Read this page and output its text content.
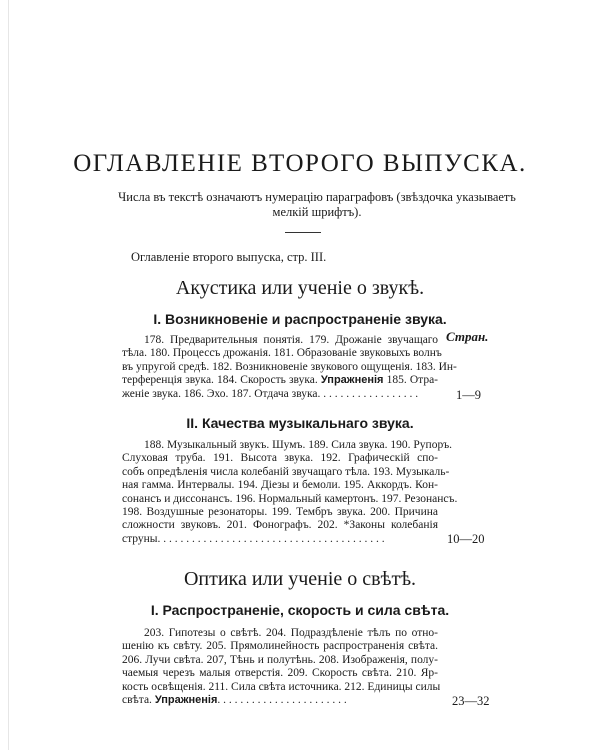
ОГЛАВЛЕНІЕ ВТОРОГО ВЫПУСКА.
Числа въ текстѣ означаютъ нумерацію параграфовъ (звѣздочка указываетъ
мелкій шрифтъ).
Оглавленіе второго выпуска, стр. III.
Акустика или ученіе о звукѣ.
I. Возникновеніе и распространеніе звука.
Стран.
178. Предварительныя понятія. 179. Дрожаніе звучащаго
тѣла. 180. Процессъ дрожанія. 181. Образованіе звуковыхъ волнъ
въ упругой средѣ. 182. Возникновеніе звукового ощущенія. 183. Ин-
терференція звука. 184. Скорость звука. Упражненія 185. Отра-
женіе звука. 186. Эхо. 187. Отдача звука. . . . . . . . . . . . . . . . . .	1—9
II. Качества музыкальнаго звука.
188. Музыкальный звукъ. Шумъ. 189. Сила звука. 190. Рупоръ.
Слуховая труба. 191. Высота звука. 192. Графическій спо-
собъ опредѣленія числа колебаній звучащаго тѣла. 193. Музыкаль-
ная гамма. Интервалы. 194. Діезы и бемоли. 195. Аккордъ. Кон-
сонансъ и диссонансъ. 196. Нормальный камертонъ. 197. Резонансъ.
198. Воздушные резонаторы. 199. Тембръ звука. 200. Причина
сложности звуковъ. 201. Фонографъ. 202. *Законы колебанія
струны. . . . . . . . . . . . . . . . . . . . . . . . . . . . . . . . . . . . . . . .	10—20
Оптика или ученіе о свѣтѣ.
I. Распространеніе, скорость и сила свѣта.
203. Гипотезы о свѣтѣ. 204. Подраздѣленіе тѣлъ по отно-
шенію къ свѣту. 205. Прямолинейность распространенія свѣта.
206. Лучи свѣта. 207, Тѣнь и полутѣнь. 208. Изображенія, полу-
чаемыя черезъ малыя отверстія. 209. Скорость свѣта. 210. Яр-
кость освѣщенія. 211. Сила свѣта источника. 212. Единицы силы
свѣта. Упражненія. . . . . . . . . . . . . . . . . . . . . . .	23—32
